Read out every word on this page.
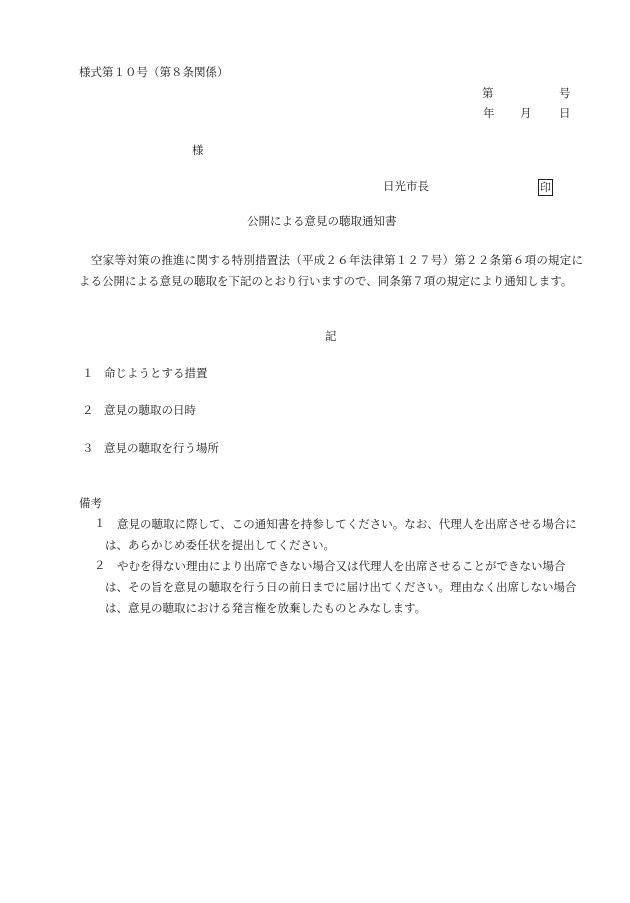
様式第１０号（第８条関係）
第	号
年 月 日
様
日光市長	印
公開による意見の聴取通知書
空家等対策の推進に関する特別措置法（平成２６年法律第１２７号）第２２条第６項の規定による公開による意見の聴取を下記のとおり行いますので、同条第７項の規定により通知します。
記
１ 命じようとする措置
２ 意見の聴取の日時
３ 意見の聴取を行う場所
備考
１	意見の聴取に際して、この通知書を持参してください。なお、代理人を出席させる場合には、あらかじめ委任状を提出してください。
２	やむを得ない理由により出席できない場合又は代理人を出席させることができない場合は、その旨を意見の聴取を行う日の前日までに届け出てください。理由なく出席しない場合は、意見の聴取における発言権を放棄したものとみなします。
